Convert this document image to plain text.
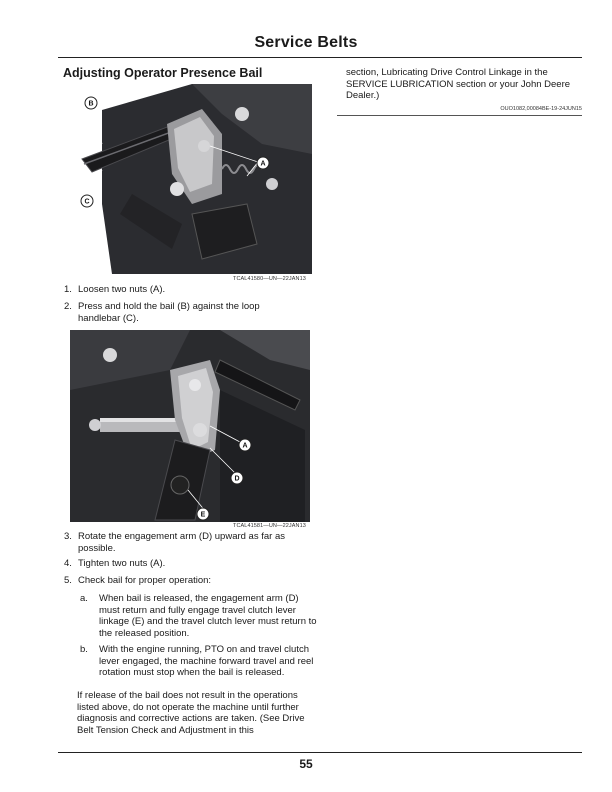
Service Belts
Adjusting Operator Presence Bail
B
C
A
TCAL41580—UN—22JAN13
1. Loosen two nuts (A).
2. Press and hold the bail (B) against the loop handlebar (C).
A
D
E
TCAL41581—UN—22JAN13
3. Rotate the engagement arm (D) upward as far as possible.
4. Tighten two nuts (A).
5. Check bail for proper operation:
a. When bail is released, the engagement arm (D) must return and fully engage travel clutch lever linkage (E) and the travel clutch lever must return to the released position.
b. With the engine running, PTO on and travel clutch lever engaged, the machine forward travel and reel rotation must stop when the bail is released.
If release of the bail does not result in the operations listed above, do not operate the machine until further diagnosis and corrective actions are taken. (See Drive Belt Tension Check and Adjustment in this
section, Lubricating Drive Control Linkage in the SERVICE LUBRICATION section or your John Deere Dealer.)
OUO1082,00084BE-19-24JUN15
55
